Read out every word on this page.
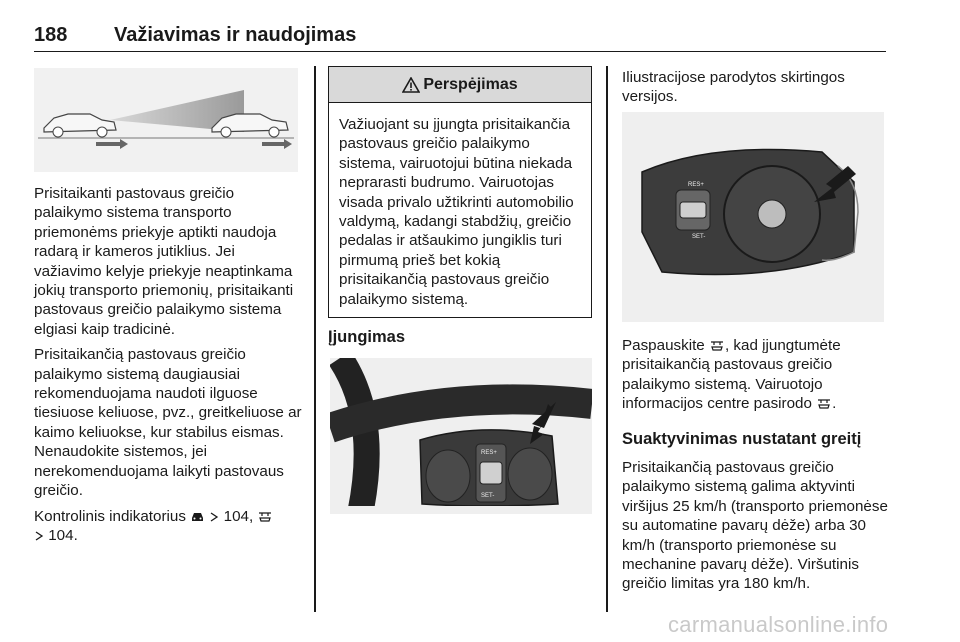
188 Važiavimas ir naudojimas

Prisitaikanti pastovaus greičio palaikymo sistema transporto priemonėms priekyje aptikti naudoja radarą ir kameros jutiklius. Jei važiavimo kelyje priekyje neaptinkama jokių transporto priemonių, prisitaikanti pastovaus greičio palaikymo sistema elgiasi kaip tradicinė.

Prisitaikančią pastovaus greičio palaikymo sistemą daugiausiai rekomenduojama naudoti ilguose tiesiuose keliuose, pvz., greitkeliuose ar kaimo keliuokse, kur stabilus eismas. Nenaudokite sistemos, jei nerekomenduojama laikyti pastovaus greičio.

Kontrolinis indikatorius 104,
104.

Perspėjimas
Važiuojant su įjungta prisitaikančia pastovaus greičio palaikymo sistema, vairuotojui būtina niekada neprarasti budrumo. Vairuotojas visada privalo užtikrinti automobilio valdymą, kadangi stabdžių, greičio pedalas ir atšaukimo jungiklis turi pirmumą prieš bet kokią prisitaikančią pastovaus greičio palaikymo sistemą.
Įjungimas
RES+
SET-
RES+
SET-

Iliustracijose parodytos skirtingos versijos.

Paspauskite , kad įjungtumėte prisitaikančią pastovaus greičio palaikymo sistemą. Vairuotojo informacijos centre pasirodo .

Suaktyvinimas nustatant greitį

Prisitaikančią pastovaus greičio palaikymo sistemą galima aktyvinti viršijus 25 km/h (transporto priemonėse su automatine pavarų dėže) arba 30 km/h (transporto priemonėse su mechanine pavarų dėže). Viršutinis greičio limitas yra 180 km/h.

carmanualsonline.info
